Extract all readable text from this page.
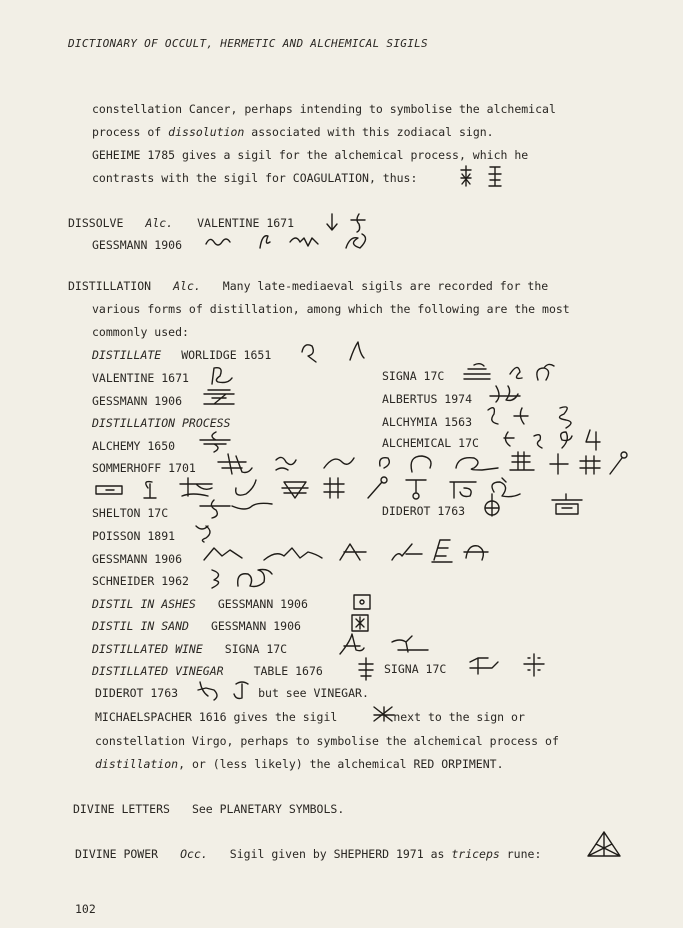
DICTIONARY OF OCCULT, HERMETIC AND ALCHEMICAL SIGILS
constellation Cancer, perhaps intending to symbolise the alchemical
process of dissolution associated with this zodiacal sign.
GEHEIME 1785 gives a sigil for the alchemical process, which he
contrasts with the sigil for COAGULATION, thus:
DISSOLVE Alc. VALENTINE 1671
GESSMANN 1906
DISTILLATION Alc. Many late-mediaeval sigils are recorded for the
various forms of distillation, among which the following are the most
commonly used:
DISTILLATE WORLIDGE 1651
VALENTINE 1671	SIGNA 17C
GESSMANN 1906	ALBERTUS 1974
DISTILLATION PROCESS	ALCHYMIA 1563
ALCHEMY 1650	ALCHEMICAL 17C
SOMMERHOFF 1701
SHELTON 17C	DIDEROT 1763
POISSON 1891
GESSMANN 1906
SCHNEIDER 1962
DISTIL IN ASHES GESSMANN 1906
DISTIL IN SAND GESSMANN 1906
DISTILLATED WINE SIGNA 17C
DISTILLATED VINEGAR	TABLE 1676	SIGNA 17C
DIDEROT 1763	but see VINEGAR.
MICHAELSPACHER 1616 gives the sigil	next to the sign or
constellation Virgo, perhaps to symbolise the alchemical process of
distillation, or (less likely) the alchemical RED ORPIMENT.
DIVINE LETTERS See PLANETARY SYMBOLS.
DIVINE POWER Occ. Sigil given by SHEPHERD 1971 as triceps rune:
102
